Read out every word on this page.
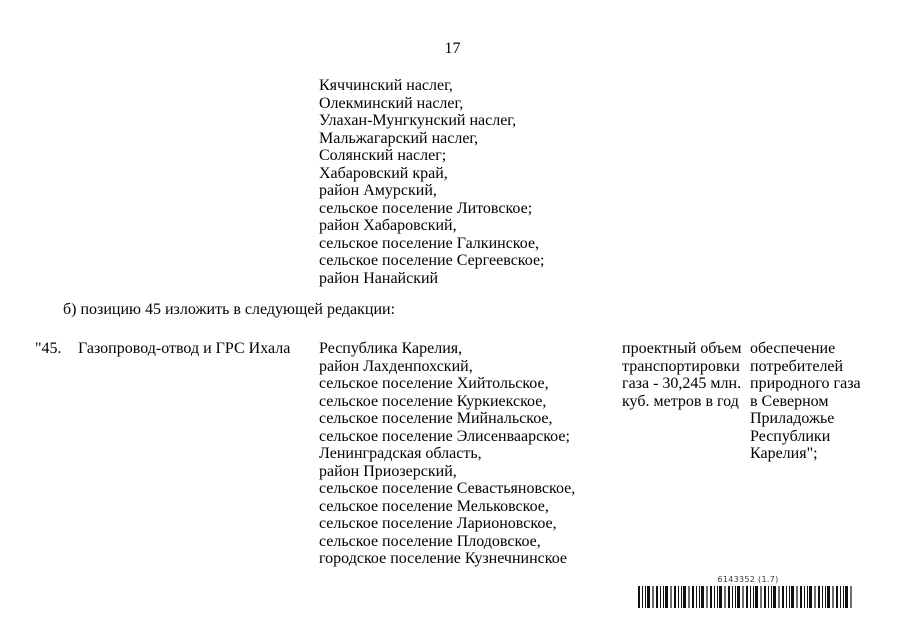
17
Кяччинский наслег,
Олекминский наслег,
Улахан-Мунгкунский наслег,
Мальжагарский наслег,
Солянский наслег;
Хабаровский край,
район Амурский,
сельское поселение Литовское;
район Хабаровский,
сельское поселение Галкинское,
сельское поселение Сергеевское;
район Нанайский
б) позицию 45 изложить в следующей редакции:
"45. Газопровод-отвод и ГРС Ихала Республика Карелия,
район Лахденпохский,
сельское поселение Хийтольское,
сельское поселение Куркиекское,
сельское поселение Мийнальское,
сельское поселение Элисенваарское;
Ленинградская область,
район Приозерский,
сельское поселение Севастьяновское,
сельское поселение Мельковское,
сельское поселение Ларионовское,
сельское поселение Плодовское,
городское поселение Кузнечнинское
проектный объем
транспортировки
газа - 30,245 млн.
куб. метров в год
обеспечение
потребителей
природного газа
в Северном
Приладожье
Республики
Карелия";
6143352 (1.7)
